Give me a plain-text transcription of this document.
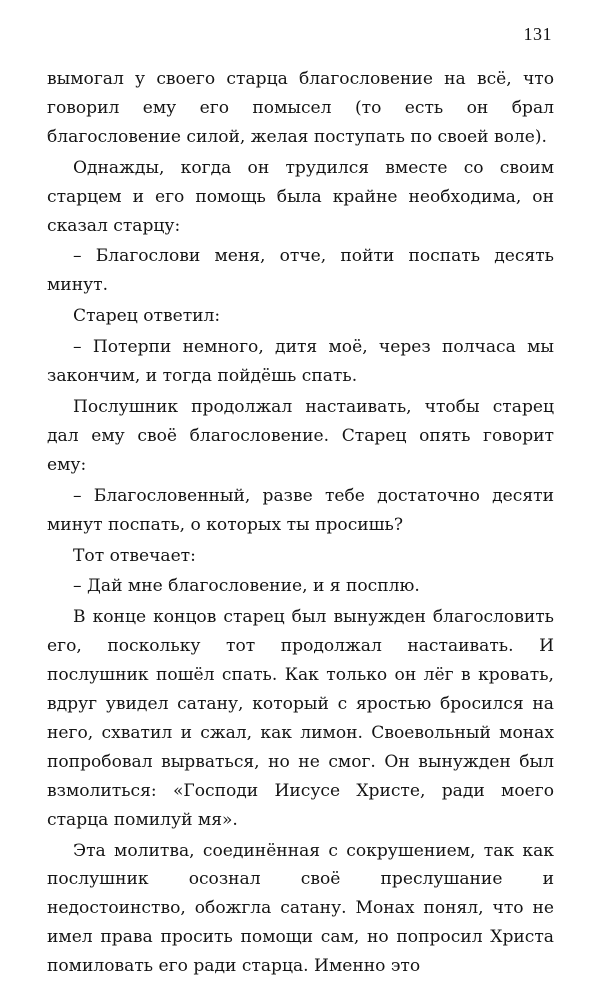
131

вымогал у своего старца благословение на всё, что говорил ему его помысел (то есть он брал благословение силой, желая поступать по своей воле).

Однажды, когда он трудился вместе со своим старцем и его помощь была крайне необходима, он сказал старцу:

– Благослови меня, отче, пойти поспать десять минут.

Старец ответил:

– Потерпи немного, дитя моё, через полчаса мы закончим, и тогда пойдёшь спать.

Послушник продолжал настаивать, чтобы старец дал ему своё благословение. Старец опять говорит ему:

– Благословенный, разве тебе достаточно десяти минут поспать, о которых ты просишь?

Тот отвечает:

– Дай мне благословение, и я посплю.

В конце концов старец был вынужден благословить его, поскольку тот продолжал настаивать. И послушник пошёл спать. Как только он лёг в кровать, вдруг увидел сатану, который с яростью бросился на него, схватил и сжал, как лимон. Своевольный монах попробовал вырваться, но не смог. Он вынужден был взмолиться: «Господи Иисусе Христе, ради моего старца помилуй мя».

Эта молитва, соединённая с сокрушением, так как послушник осознал своё преслушание и недостоинство, обожгла сатану. Монах понял, что не имел права просить помощи сам, но попросил Христа помиловать его ради старца. Именно это
